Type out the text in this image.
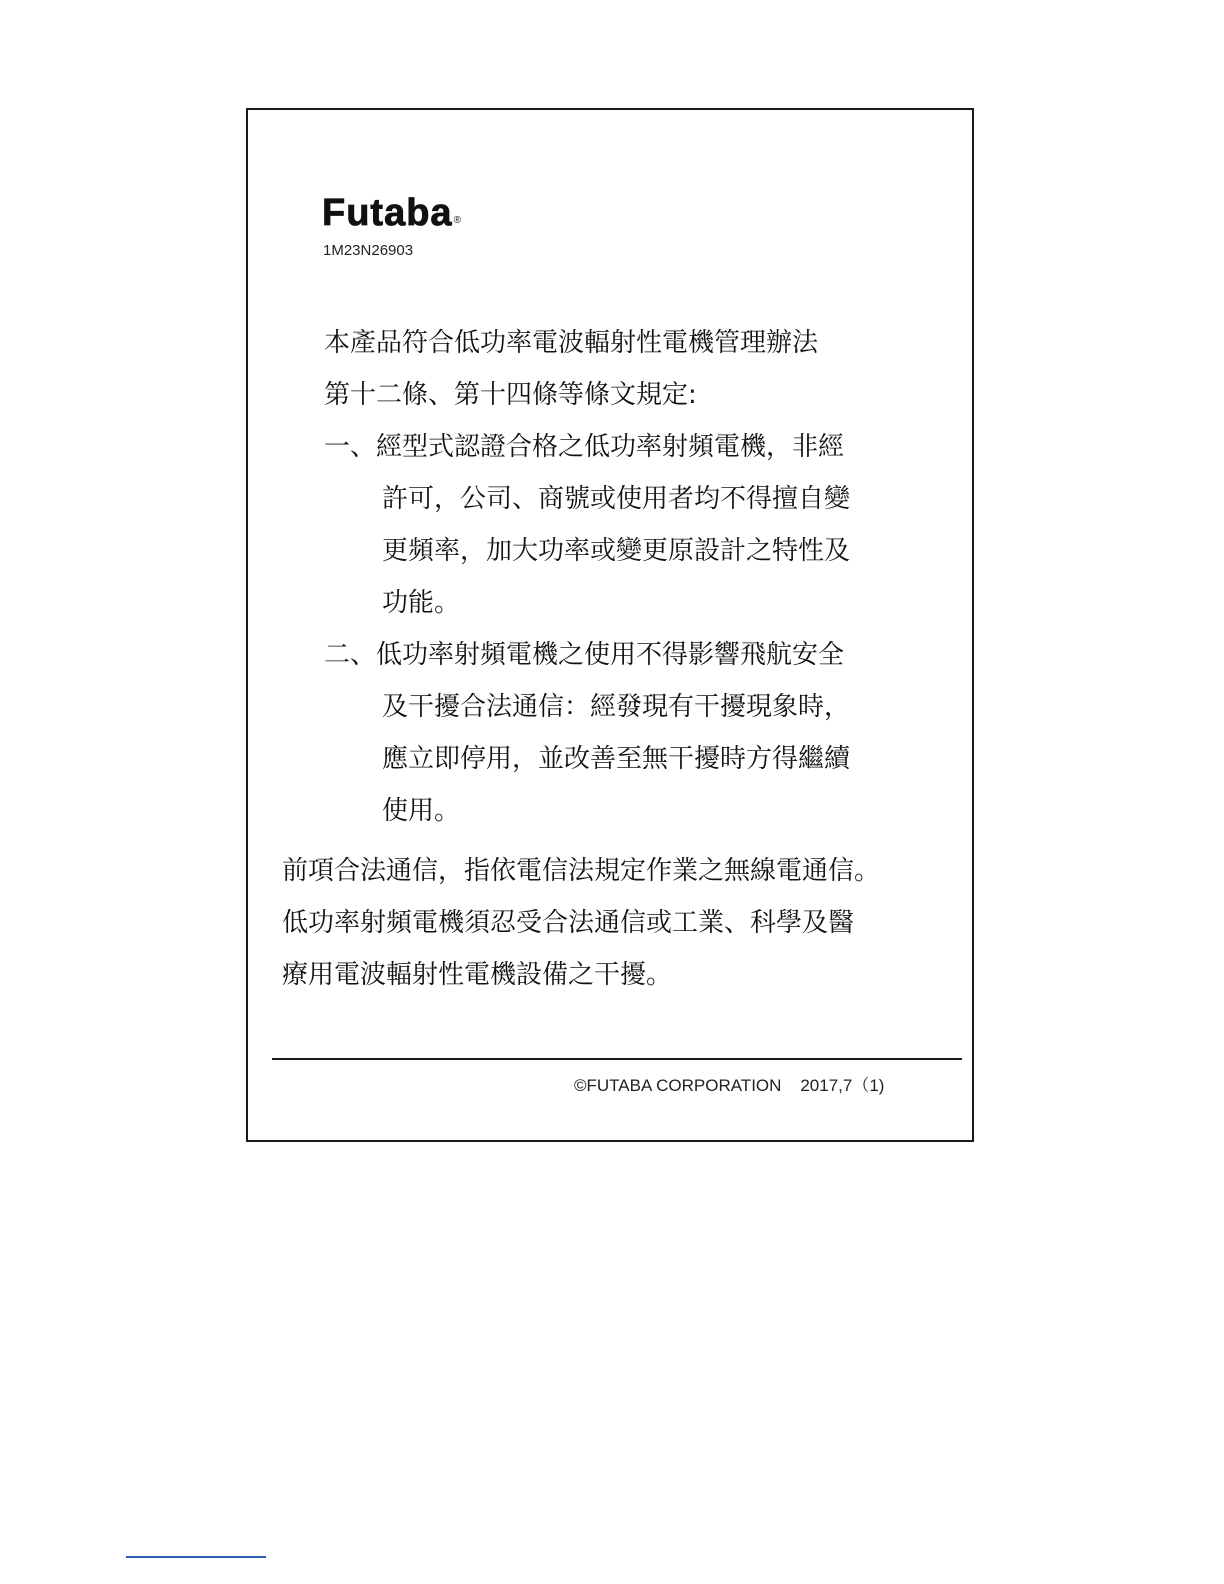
Futaba®
1M23N26903
本產品符合低功率電波輻射性電機管理辦法
第十二條、第十四條等條文規定:
一、經型式認證合格之低功率射頻電機，非經
許可，公司、商號或使用者均不得擅自變
更頻率，加大功率或變更原設計之特性及
功能。
二、低功率射頻電機之使用不得影響飛航安全
及干擾合法通信：經發現有干擾現象時，
應立即停用，並改善至無干擾時方得繼續
使用。
前項合法通信，指依電信法規定作業之無線電通信。
低功率射頻電機須忍受合法通信或工業、科學及醫
療用電波輻射性電機設備之干擾。
©FUTABA CORPORATION 2017,7（1)
